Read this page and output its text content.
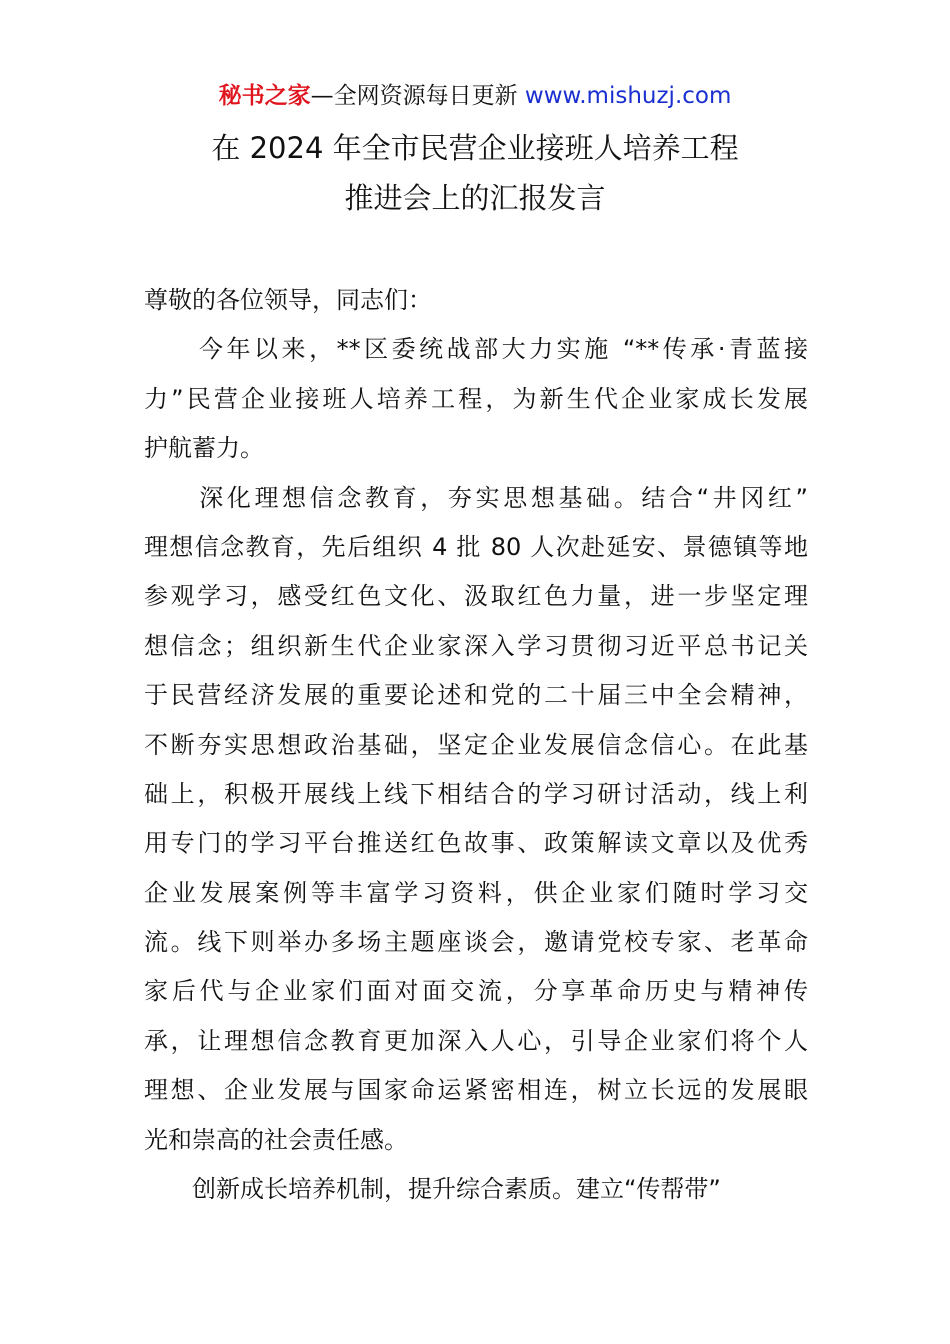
秘书之家—全网资源每日更新 www.mishuzj.com
在 2024 年全市民营企业接班人培养工程
推进会上的汇报发言
尊敬的各位领导，同志们：
　　今年以来，**区委统战部大力实施 “**传承·青蓝接
力”民营企业接班人培养工程，为新生代企业家成长发展
护航蓄力。
　　深化理想信念教育，夯实思想基础。结合“井冈红”
理想信念教育，先后组织 4 批 80 人次赴延安、景德镇等地
参观学习，感受红色文化、汲取红色力量，进一步坚定理
想信念；组织新生代企业家深入学习贯彻习近平总书记关
于民营经济发展的重要论述和党的二十届三中全会精神，
不断夯实思想政治基础，坚定企业发展信念信心。在此基
础上，积极开展线上线下相结合的学习研讨活动，线上利
用专门的学习平台推送红色故事、政策解读文章以及优秀
企业发展案例等丰富学习资料，供企业家们随时学习交
流。线下则举办多场主题座谈会，邀请党校专家、老革命
家后代与企业家们面对面交流，分享革命历史与精神传
承，让理想信念教育更加深入人心，引导企业家们将个人
理想、企业发展与国家命运紧密相连，树立长远的发展眼
光和崇高的社会责任感。
　　创新成长培养机制，提升综合素质。建立“传帮带”
